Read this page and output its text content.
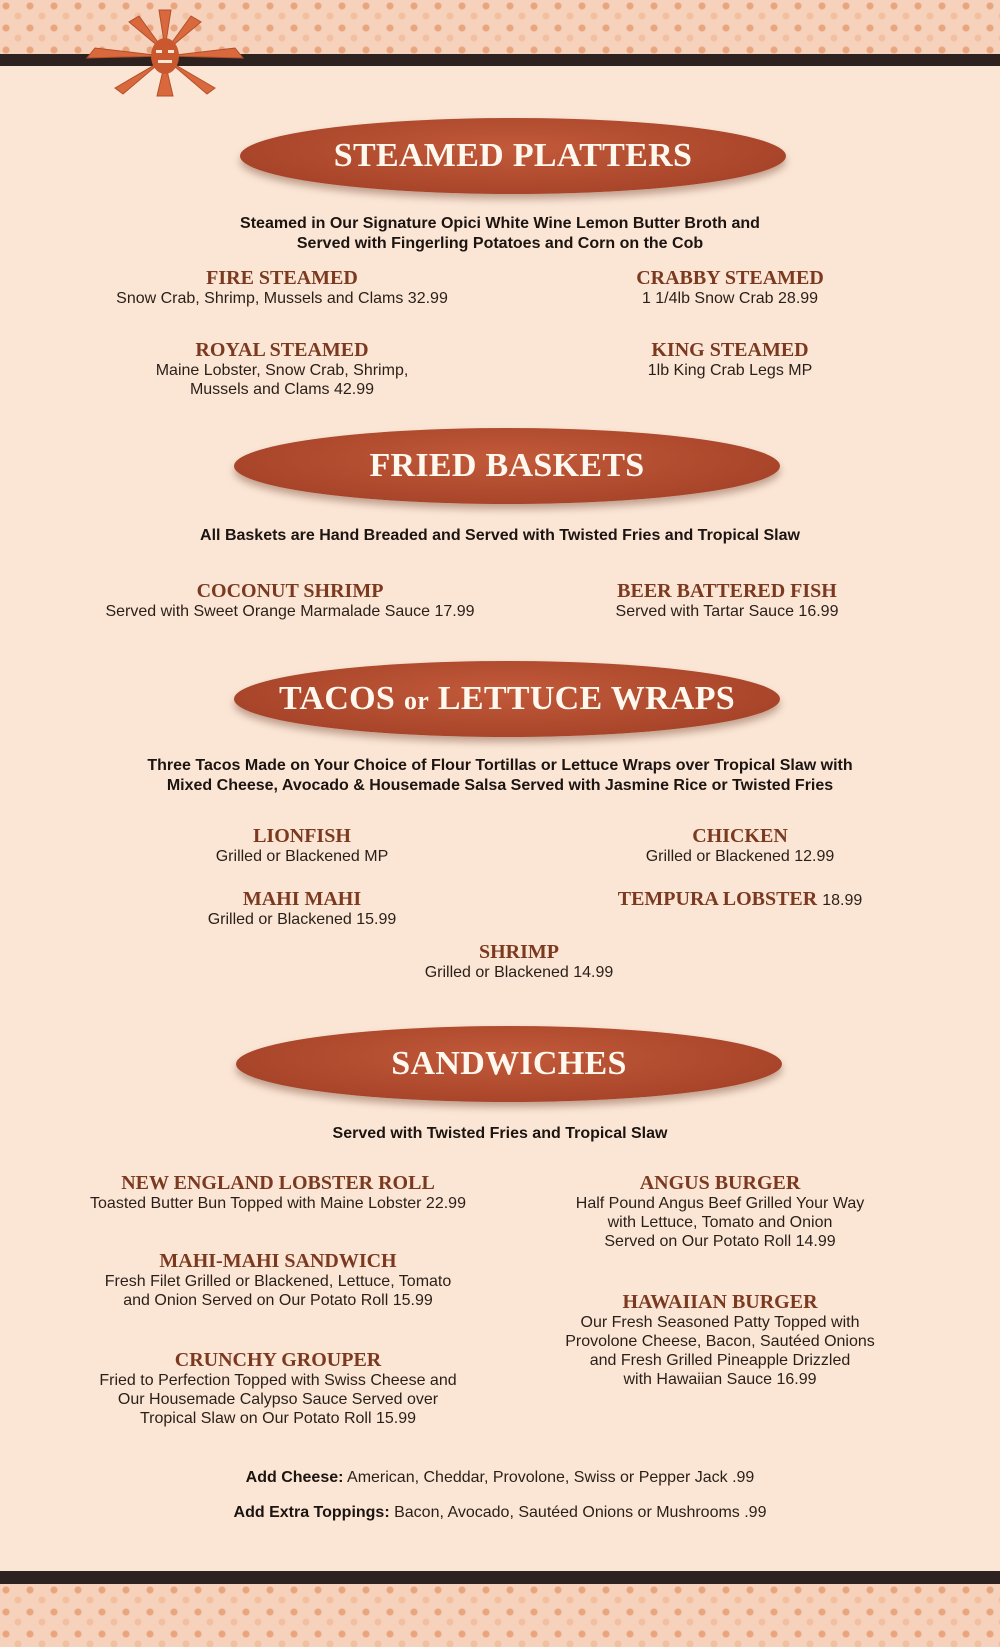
STEAMED PLATTERS
Steamed in Our Signature Opici White Wine Lemon Butter Broth and
Served with Fingerling Potatoes and Corn on the Cob
FIRE STEAMED
Snow Crab, Shrimp, Mussels and Clams 32.99
CRABBY STEAMED
1 1/4lb Snow Crab 28.99
ROYAL STEAMED
Maine Lobster, Snow Crab, Shrimp,
Mussels and Clams 42.99
KING STEAMED
1lb King Crab Legs MP
FRIED BASKETS
All Baskets are Hand Breaded and Served with Twisted Fries and Tropical Slaw
COCONUT SHRIMP
Served with Sweet Orange Marmalade Sauce 17.99
BEER BATTERED FISH
Served with Tartar Sauce 16.99
TACOS or LETTUCE WRAPS
Three Tacos Made on Your Choice of Flour Tortillas or Lettuce Wraps over Tropical Slaw with
Mixed Cheese, Avocado & Housemade Salsa Served with Jasmine Rice or Twisted Fries
LIONFISH
Grilled or Blackened MP
CHICKEN
Grilled or Blackened 12.99
MAHI MAHI
Grilled or Blackened 15.99
TEMPURA LOBSTER 18.99
SHRIMP
Grilled or Blackened 14.99
SANDWICHES
Served with Twisted Fries and Tropical Slaw
NEW ENGLAND LOBSTER ROLL
Toasted Butter Bun Topped with Maine Lobster 22.99
ANGUS BURGER
Half Pound Angus Beef Grilled Your Way
with Lettuce, Tomato and Onion
Served on Our Potato Roll 14.99
MAHI-MAHI SANDWICH
Fresh Filet Grilled or Blackened, Lettuce, Tomato
and Onion Served on Our Potato Roll 15.99	HAWAIIAN BURGER
Our Fresh Seasoned Patty Topped with
Provolone Cheese, Bacon, Sautéed Onions
and Fresh Grilled Pineapple Drizzled
with Hawaiian Sauce 16.99
CRUNCHY GROUPER
Fried to Perfection Topped with Swiss Cheese and
Our Housemade Calypso Sauce Served over
Tropical Slaw on Our Potato Roll 15.99
Add Cheese: American, Cheddar, Provolone, Swiss or Pepper Jack .99
Add Extra Toppings: Bacon, Avocado, Sautéed Onions or Mushrooms .99
